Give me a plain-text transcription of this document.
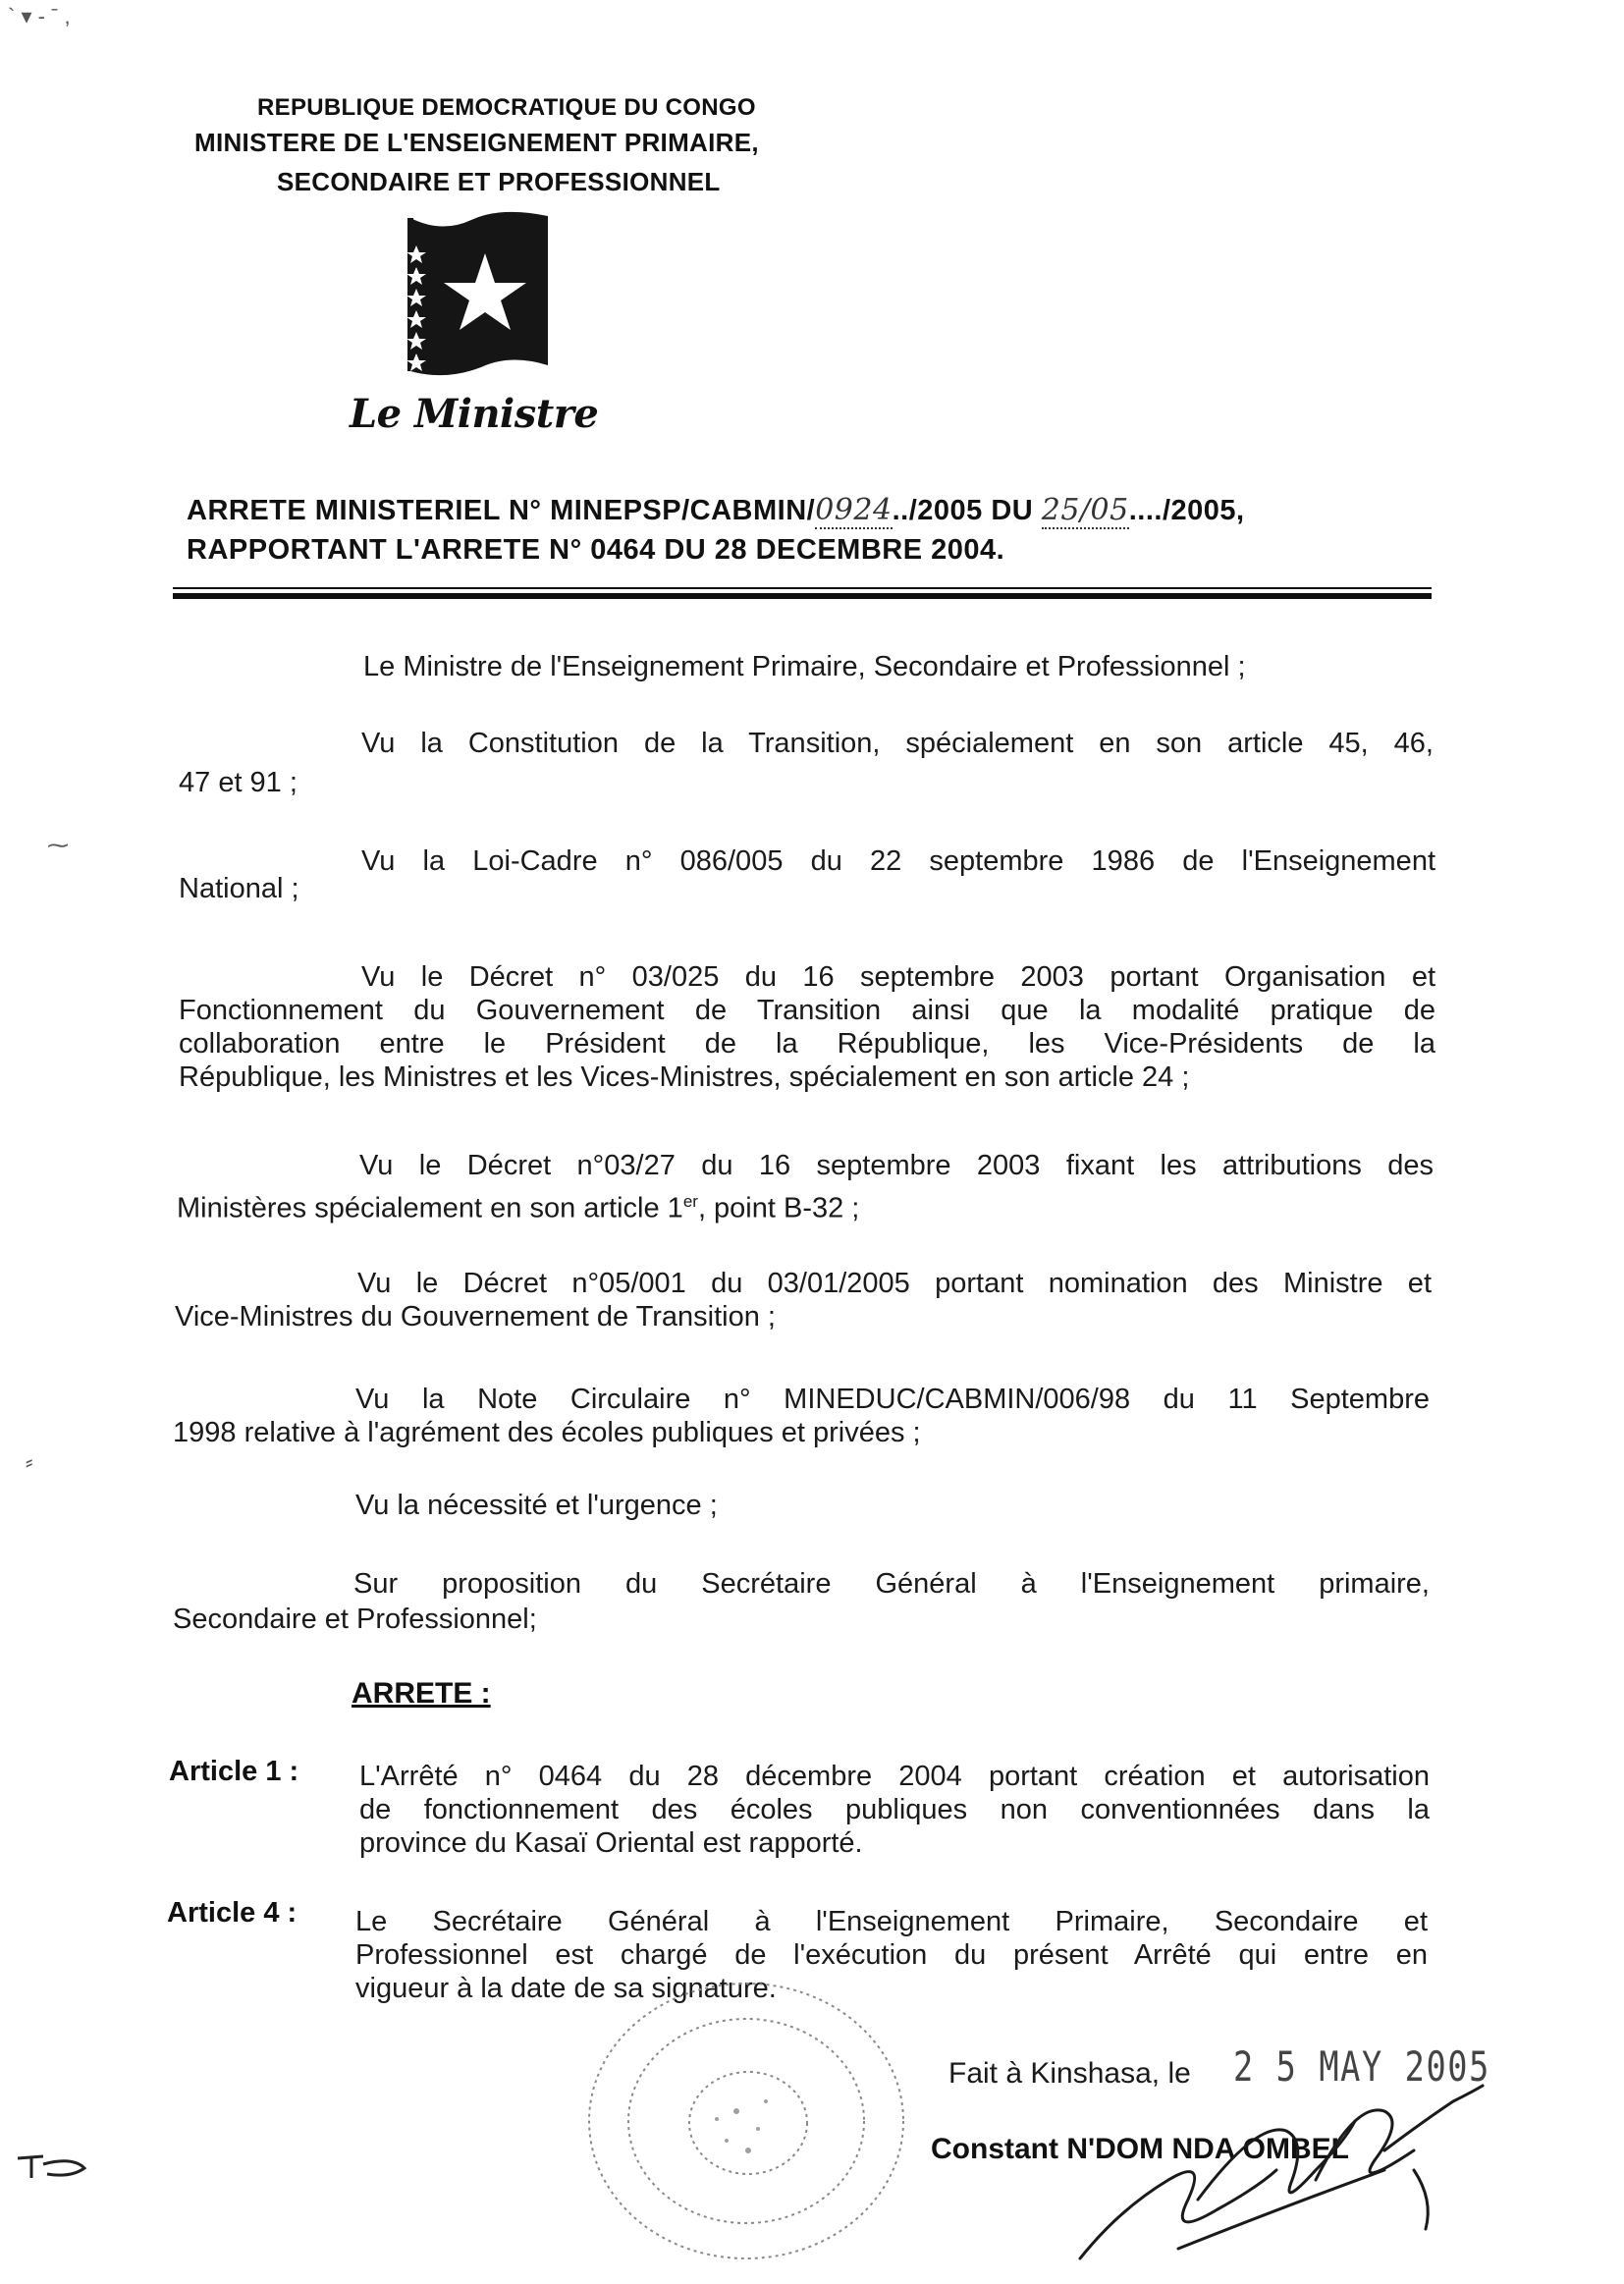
` ▾ - ˉ ,
⁓
⸗
REPUBLIQUE DEMOCRATIQUE DU CONGO
MINISTERE DE L'ENSEIGNEMENT PRIMAIRE,
SECONDAIRE ET PROFESSIONNEL
Le Ministre
ARRETE MINISTERIEL N° MINEPSP/CABMIN/0924../2005 DU 25/05..../2005,
RAPPORTANT L'ARRETE N° 0464 DU 28 DECEMBRE 2004.
Le Ministre de l'Enseignement Primaire, Secondaire et Professionnel ;
Vu la Constitution de la Transition, spécialement en son article 45, 46,
47 et 91 ;
Vu la Loi-Cadre n° 086/005 du 22 septembre 1986 de l'Enseignement
National ;
Vu le Décret n° 03/025 du 16 septembre 2003 portant Organisation et
Fonctionnement du Gouvernement de Transition ainsi que la modalité pratique de
collaboration entre le Président de la République, les Vice-Présidents de la
République, les Ministres et les Vices-Ministres, spécialement en son article 24 ;
Vu le Décret n°03/27 du 16 septembre 2003 fixant les attributions des
Ministères spécialement en son article 1er, point B-32 ;
Vu le Décret n°05/001 du 03/01/2005 portant nomination des Ministre et
Vice-Ministres du Gouvernement de Transition ;
Vu la Note Circulaire n° MINEDUC/CABMIN/006/98 du 11 Septembre
1998 relative à l'agrément des écoles publiques et privées ;
Vu la nécessité et l'urgence ;
Sur proposition du Secrétaire Général à l'Enseignement primaire,
Secondaire et Professionnel;
ARRETE :
Article 1 : L'Arrêté n° 0464 du 28 décembre 2004 portant création et autorisation
de fonctionnement des écoles publiques non conventionnées dans la
province du Kasaï Oriental est rapporté.
Article 4 : Le Secrétaire Général à l'Enseignement Primaire, Secondaire et
Professionnel est chargé de l'exécution du présent Arrêté qui entre en
vigueur à la date de sa signature.
Fait à Kinshasa, le 2 5 MAY 2005
Constant N'DOM NDA OMBEL
